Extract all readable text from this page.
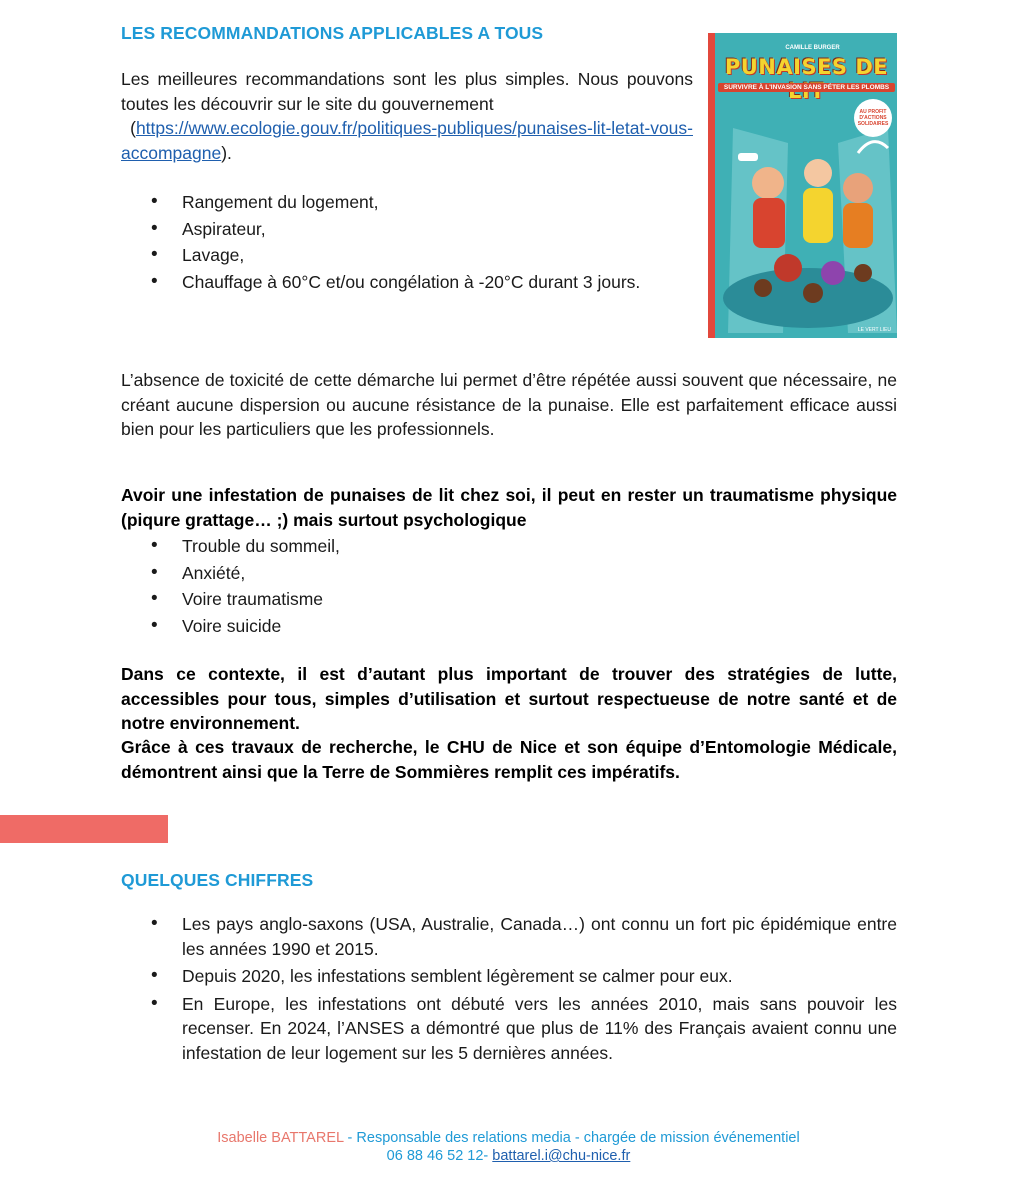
LES RECOMMANDATIONS APPLICABLES A TOUS

Les meilleures recommandations sont les plus simples. Nous pouvons toutes les découvrir sur le site du gouvernement
(https://www.ecologie.gouv.fr/politiques-publiques/punaises-lit-letat-vous-accompagne).

• Rangement du logement,
• Aspirateur,
• Lavage,
• Chauffage à 60°C et/ou congélation à -20°C durant 3 jours.
CAMILLE BURGER
PUNAISES DE
SURVIVRE À L'INVASION SANS PÉTER LES PLOMBS
AU PROFIT D'ACTIONS SOLIDAIRES
LE VERT LIEU

L’absence de toxicité de cette démarche lui permet d’être répétée aussi souvent que nécessaire, ne créant aucune dispersion ou aucune résistance de la punaise. Elle est parfaitement efficace aussi bien pour les particuliers que les professionnels.

Avoir une infestation de punaises de lit chez soi, il peut en rester un traumatisme physique (piqure grattage… ;) mais surtout psychologique

• Trouble du sommeil,
• Anxiété,
• Voire traumatisme
• Voire suicide

Dans ce contexte, il est d’autant plus important de trouver des stratégies de lutte, accessibles pour tous, simples d’utilisation et surtout respectueuse de notre santé et de notre environnement.

Grâce à ces travaux de recherche, le CHU de Nice et son équipe d’Entomologie Médicale, démontrent ainsi que la Terre de Sommières remplit ces impératifs.

QUELQUES CHIFFRES
• Les pays anglo-saxons (USA, Australie, Canada…) ont connu un fort pic épidémique entre les années 1990 et 2015.
• Depuis 2020, les infestations semblent légèrement se calmer pour eux.
• En Europe, les infestations ont débuté vers les années 2010, mais sans pouvoir les recenser. En 2024, l’ANSES a démontré que plus de 11% des Français avaient connu une infestation de leur logement sur les 5 dernières années.
Isabelle BATTAREL - Responsable des relations media - chargée de mission événementiel
06 88 46 52 12- battarel.i@chu-nice.fr
